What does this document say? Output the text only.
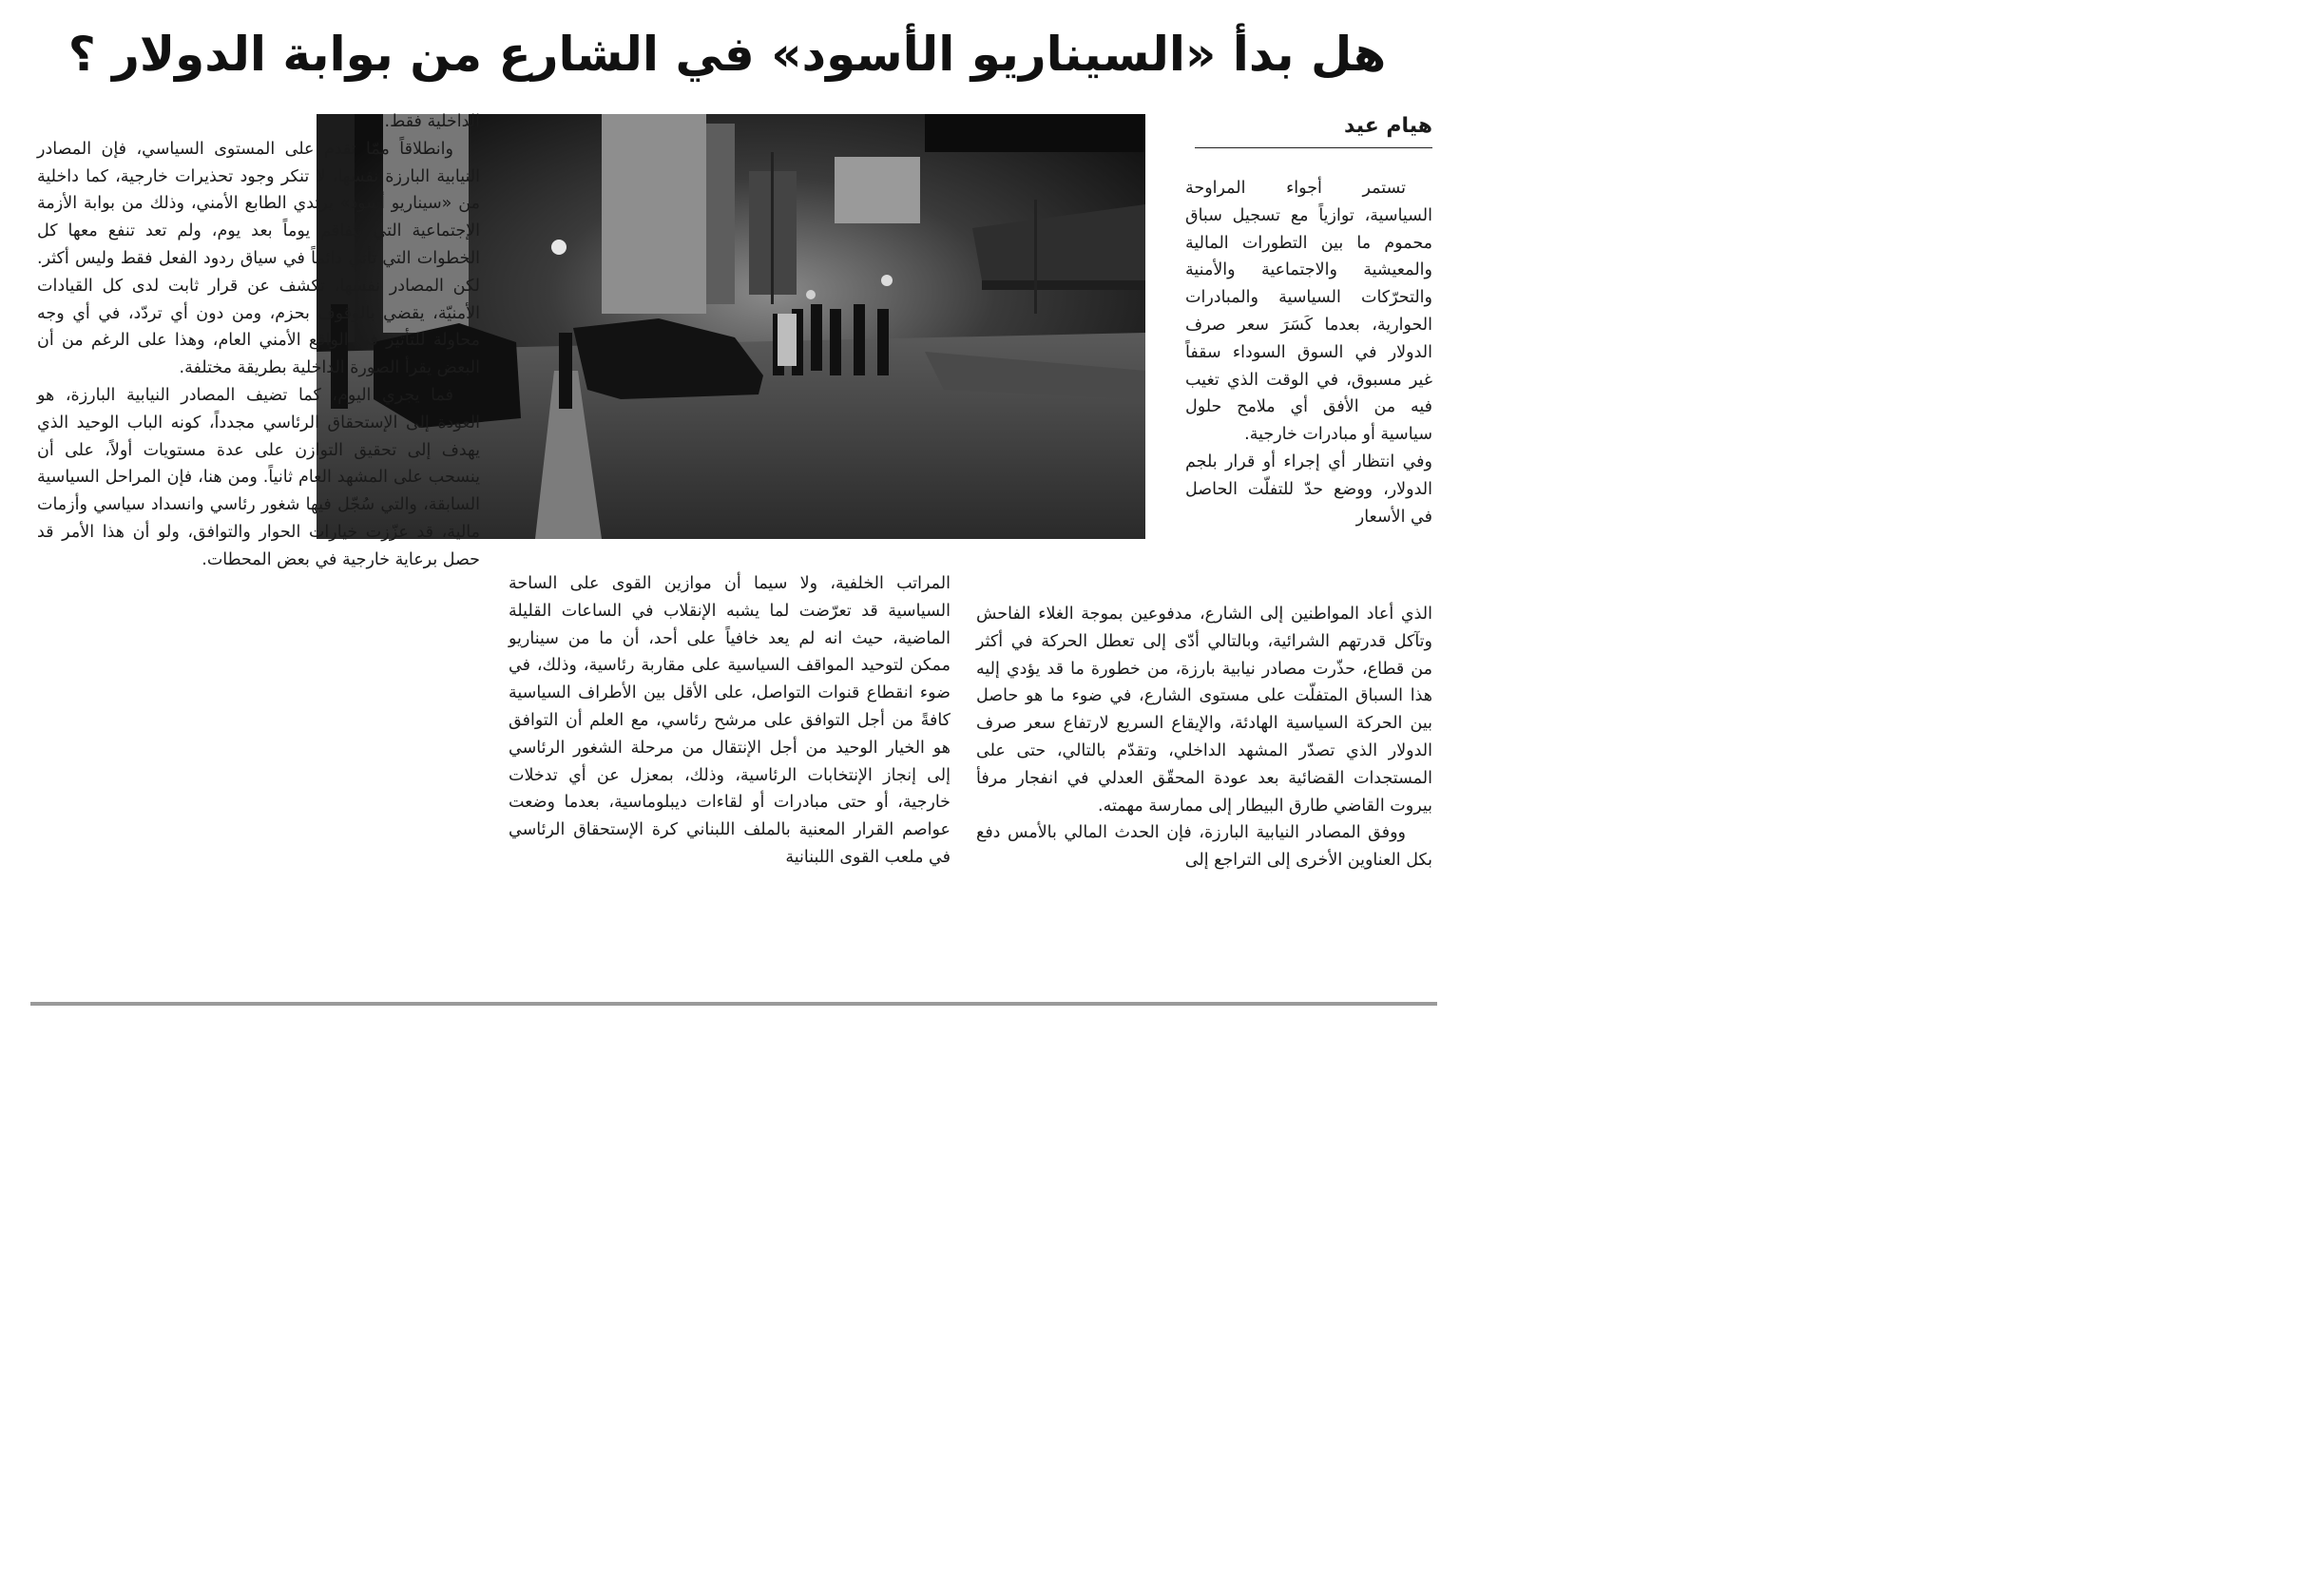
هل بدأ «السيناريو الأسود» في الشارع من بوابة الدولار ؟
هيام عيد

تستمر أجواء المراوحة السياسية، توازياً مع تسجيل سباق محموم ما بين التطورات المالية والمعيشية والاجتماعية والأمنية والتحرّكات السياسية والمبادرات الحوارية، بعدما كَسَرَ سعر صرف الدولار في السوق السوداء سقفاً غير مسبوق، في الوقت الذي تغيب فيه من الأفق أي ملامح حلول سياسية أو مبادرات خارجية.

وفي انتظار أي إجراء أو قرار بلجم الدولار، ووضع حدّ للتفلّت الحاصل في الأسعار

الذي أعاد المواطنين إلى الشارع، مدفوعين بموجة الغلاء الفاحش وتآكل قدرتهم الشرائية، وبالتالي أدّى إلى تعطل الحركة في أكثر من قطاع، حذّرت مصادر نيابية بارزة، من خطورة ما قد يؤدي إليه هذا السباق المتفلّت على مستوى الشارع، في ضوء ما هو حاصل بين الحركة السياسية الهادئة، والإيقاع السريع لارتفاع سعر صرف الدولار الذي تصدّر المشهد الداخلي، وتقدّم بالتالي، حتى على المستجدات القضائية بعد عودة المحقّق العدلي في انفجار مرفأ بيروت القاضي طارق البيطار إلى ممارسة مهمته.

ووفق المصادر النيابية البارزة، فإن الحدث المالي بالأمس دفع بكل العناوين الأخرى إلى التراجع إلى

المراتب الخلفية، ولا سيما أن موازين القوى على الساحة السياسية قد تعرّضت لما يشبه الإنقلاب في الساعات القليلة الماضية، حيث انه لم يعد خافياً على أحد، أن ما من سيناريو ممكن لتوحيد المواقف السياسية على مقاربة رئاسية، وذلك، في ضوء انقطاع قنوات التواصل، على الأقل بين الأطراف السياسية كافةً من أجل التوافق على مرشح رئاسي، مع العلم أن التوافق هو الخيار الوحيد من أجل الإنتقال من مرحلة الشغور الرئاسي إلى إنجاز الإنتخابات الرئاسية، وذلك، بمعزل عن أي تدخلات خارجية، أو حتى مبادرات أو لقاءات ديبلوماسية، بعدما وضعت عواصم القرار المعنية بالملف اللبناني كرة الإستحقاق الرئاسي في ملعب القوى اللبنانية

الداخلية فقط.

وانطلاقاً ممّا تقدم على المستوى السياسي، فإن المصادر النيابية البارزة نفسها، لا تنكر وجود تحذيرات خارجية، كما داخلية من «سيناريو أسود» يرتدي الطابع الأمني، وذلك من بوابة الأزمة الإجتماعية التي تتفاقم يوماً بعد يوم، ولم تعد تنفع معها كل الخطوات التي تأتي دائماً في سياق ردود الفعل فقط وليس أكثر. لكن المصادر نفسها، تكشف عن قرار ثابت لدى كل القيادات الأمنيّة، يقضي بالوقوف بحزم، ومن دون أي تردّد، في أي وجه محاولة للتأثير في الواقع الأمني العام، وهذا على الرغم من أن البعض يقرأ الصورة الداخلية بطريقة مختلفة.

فما يجري اليوم، كما تضيف المصادر النيابية البارزة، هو العودة إلى الإستحقاق الرئاسي مجدداً، كونه الباب الوحيد الذي يهدف إلى تحقيق التوازن على عدة مستويات أولاً، على أن ينسحب على المشهد العام ثانياً. ومن هنا، فإن المراحل السياسية السابقة، والتي سُجّل فيها شغور رئاسي وانسداد سياسي وأزمات مالية، قد عزّزت خيارات الحوار والتوافق، ولو أن هذا الأمر قد حصل برعاية خارجية في بعض المحطات.
